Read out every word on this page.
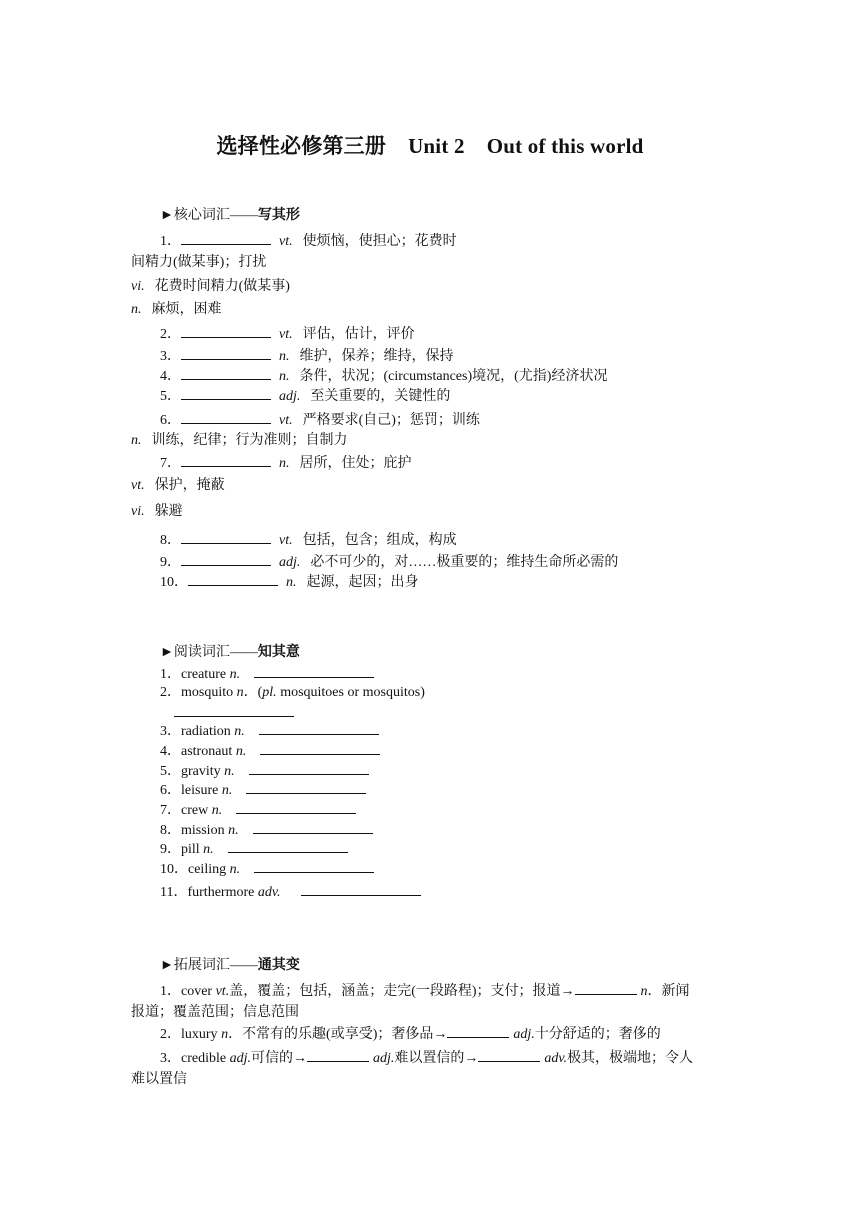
选择性必修第三册 Unit 2 Out of this world
►核心词汇——写其形
1．	vt. 使烦恼，使担心；花费时
间精力(做某事)；打扰
vi. 花费时间精力(做某事)
n. 麻烦，困难
2．	vt. 评估，估计，评价
3．	n. 维护，保养；维持，保持
4．	n. 条件，状况；(circumstances)境况，(尤指)经济状况
5．	adj. 至关重要的，关键性的
6．	vt. 严格要求(自己)；惩罚；训练
n. 训练，纪律；行为准则；自制力
7．	n. 居所，住处；庇护
vt. 保护，掩蔽
vi. 躲避
8．	vt. 包括，包含；组成，构成
9．	adj. 必不可少的，对……极重要的；维持生命所必需的
10．	n. 起源，起因；出身
►阅读词汇——知其意
1．creature n.
2．mosquito n．(pl. mosquitoes or mosquitos)
3．radiation n.
4．astronaut n.
5．gravity n.
6．leisure n.
7．crew n.
8．mission n.
9．pill n.
10．ceiling n.
11．furthermore adv.
►拓展词汇——通其变
1．cover vt.盖，覆盖；包括，涵盖；走完(一段路程)；支付；报道→	n．新闻
报道；覆盖范围；信息范围
2．luxury n．不常有的乐趣(或享受)；奢侈品→	adj.十分舒适的；奢侈的
3．credible adj.可信的→	adj.难以置信的→	adv.极其，极端地；令人
难以置信
